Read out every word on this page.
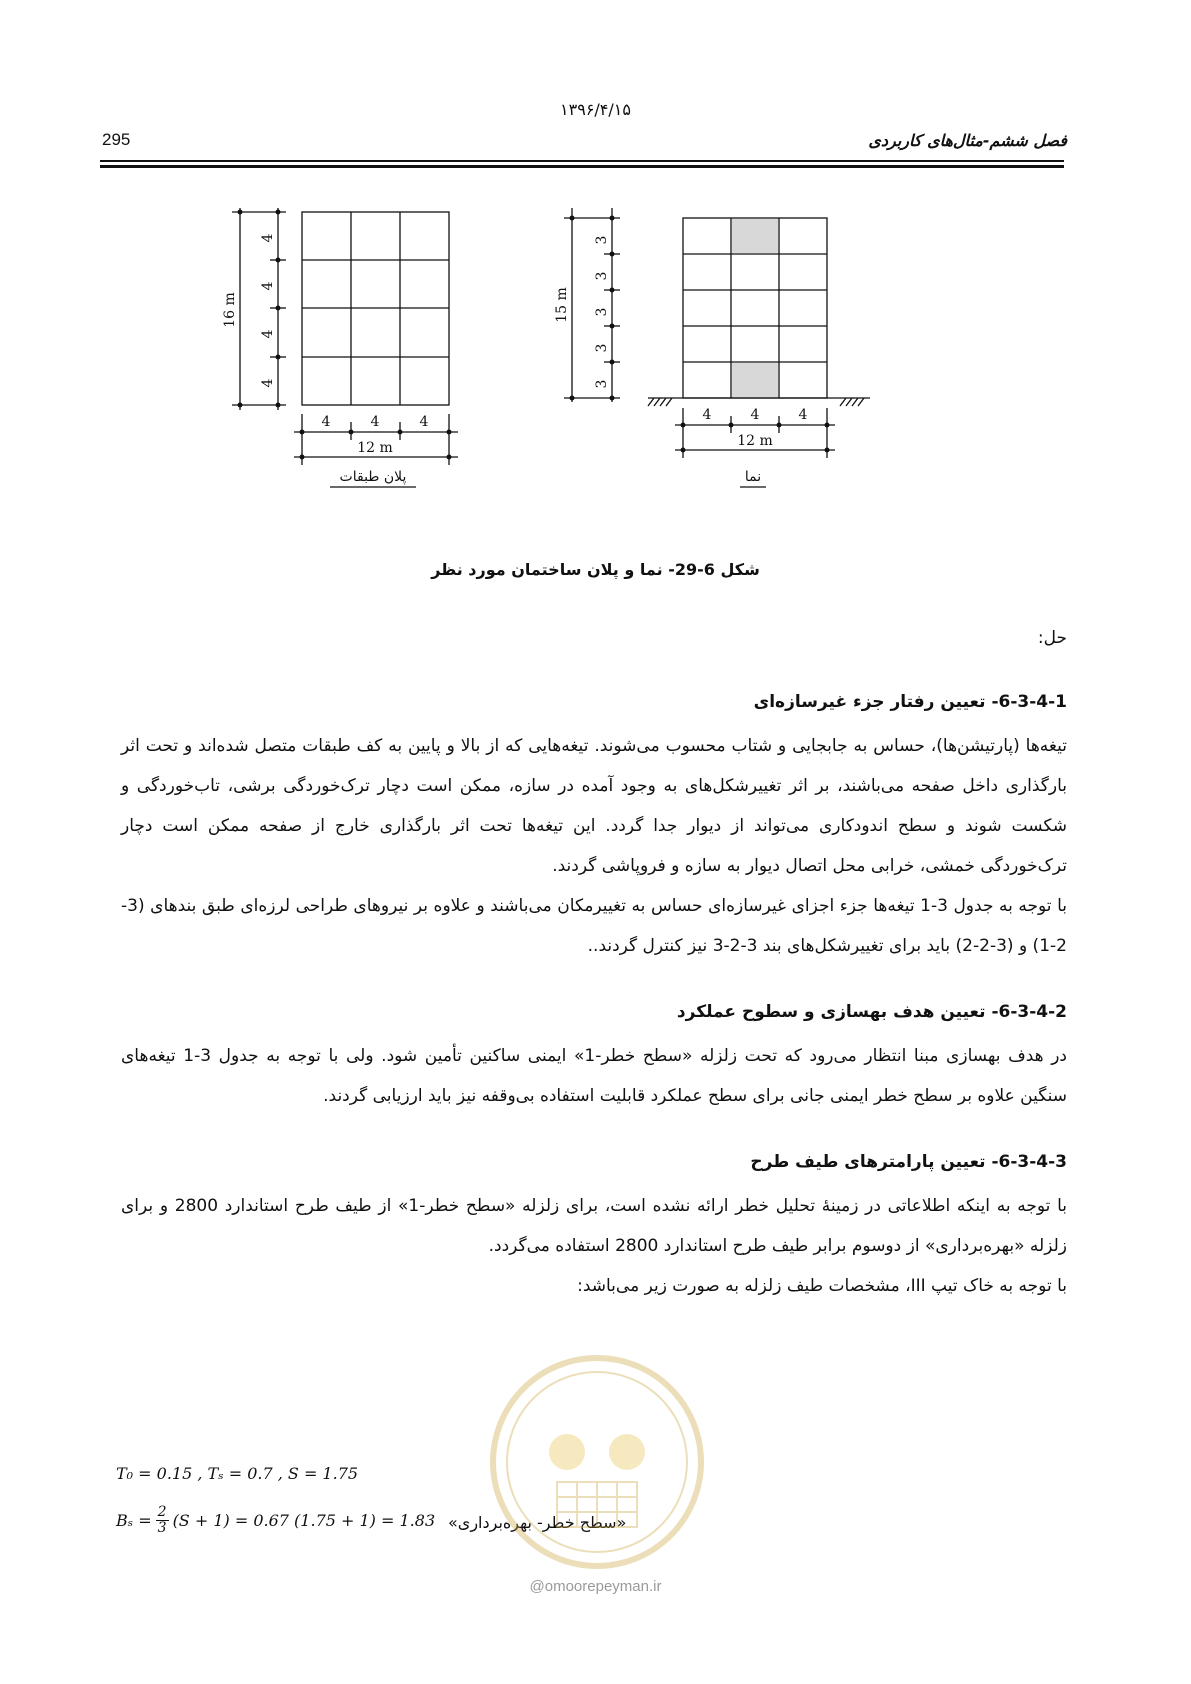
۱۳۹۶/۴/۱۵
295	فصل ششم-مثال‌های کاربردی
4
4
4
4
16 m
4	4	4
12 m
3
3
3
3
3
15 m
4	4	4
12 m
پلان طبقات	نما
شکل 6-29- نما و پلان ساختمان مورد نظر

حل:

6-3-4-1- تعیین رفتار جزء غیرسازه‌ای

تیغه‌ها (پارتیشن‌ها)، حساس به جابجایی و شتاب محسوب می‌شوند. تیغه‌هایی که از بالا و پایین به کف طبقات متصل شده‌اند و تحت اثر بارگذاری داخل صفحه می‌باشند، بر اثر تغییرشکل‌های به وجود آمده در سازه، ممکن است دچار ترک‌خوردگی برشی، تاب‌خوردگی و شکست شوند و سطح اندودکاری می‌تواند از دیوار جدا گردد. این تیغه‌ها تحت اثر بارگذاری خارج از صفحه ممکن است دچار ترک‌خوردگی خمشی، خرابی محل اتصال دیوار به سازه و فروپاشی گردند.

با توجه به جدول 3-1 تیغه‌ها جزء اجزای غیرسازه‌ای حساس به تغییرمکان می‌باشند و علاوه بر نیروهای طراحی لرزه‌ای طبق بندهای (3-2-1) و (3-2-2) باید برای تغییرشکل‌های بند 3-2-3 نیز کنترل گردند..

6-3-4-2- تعیین هدف بهسازی و سطوح عملکرد

در هدف بهسازی مبنا انتظار می‌رود که تحت زلزله «سطح خطر-1» ایمنی ساکنین تأمین شود. ولی با توجه به جدول 3-1 تیغه‌های سنگین علاوه بر سطح خطر ایمنی جانی برای سطح عملکرد قابلیت استفاده بی‌وقفه نیز باید ارزیابی گردند.

6-3-4-3- تعیین پارامترهای طیف طرح

با توجه به اینکه اطلاعاتی در زمینهٔ تحلیل خطر ارائه نشده است، برای زلزله «سطح خطر-1» از طیف طرح استاندارد 2800 و برای زلزله «بهره‌برداری» از دوسوم برابر طیف طرح استاندارد 2800 استفاده می‌گردد.

با توجه به خاک تیپ III، مشخصات طیف زلزله به صورت زیر می‌باشد:

T₀ = 0.15 , Tₛ = 0.7 , S = 1.75
$B_s = \frac{2}{3} (S + 1) = 0.67$ (1.75 + 1) = 1.83 «سطح خطر- بهره‌برداری»
@omoorepeyman.ir
